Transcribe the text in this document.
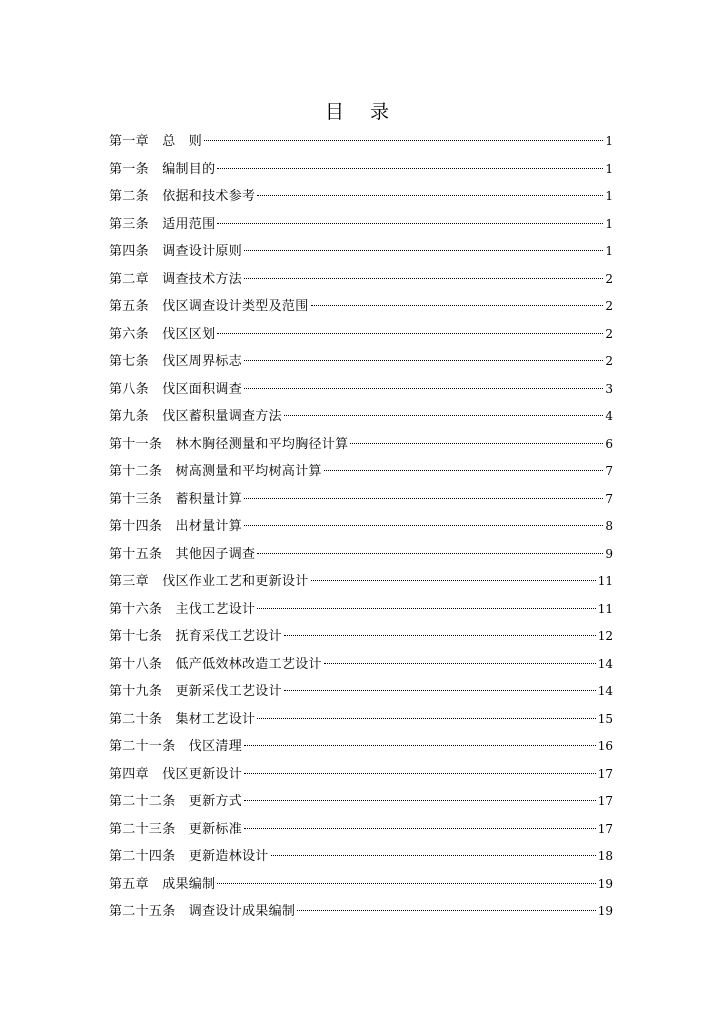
目 录
第一章　总　则	1
第一条　编制目的	1
第二条　依据和技术参考	1
第三条　适用范围	1
第四条　调查设计原则	1
第二章　调查技术方法	2
第五条　伐区调查设计类型及范围	2
第六条　伐区区划	2
第七条　伐区周界标志	2
第八条　伐区面积调查	3
第九条　伐区蓄积量调查方法	4
第十一条　林木胸径测量和平均胸径计算	6
第十二条　树高测量和平均树高计算	7
第十三条　蓄积量计算	7
第十四条　出材量计算	8
第十五条　其他因子调查	9
第三章　伐区作业工艺和更新设计	11
第十六条　主伐工艺设计	11
第十七条　抚育采伐工艺设计	12
第十八条　低产低效林改造工艺设计	14
第十九条　更新采伐工艺设计	14
第二十条　集材工艺设计	15
第二十一条　伐区清理	16
第四章　伐区更新设计	17
第二十二条　更新方式	17
第二十三条　更新标准	17
第二十四条　更新造林设计	18
第五章　成果编制	19
第二十五条　调查设计成果编制	19
